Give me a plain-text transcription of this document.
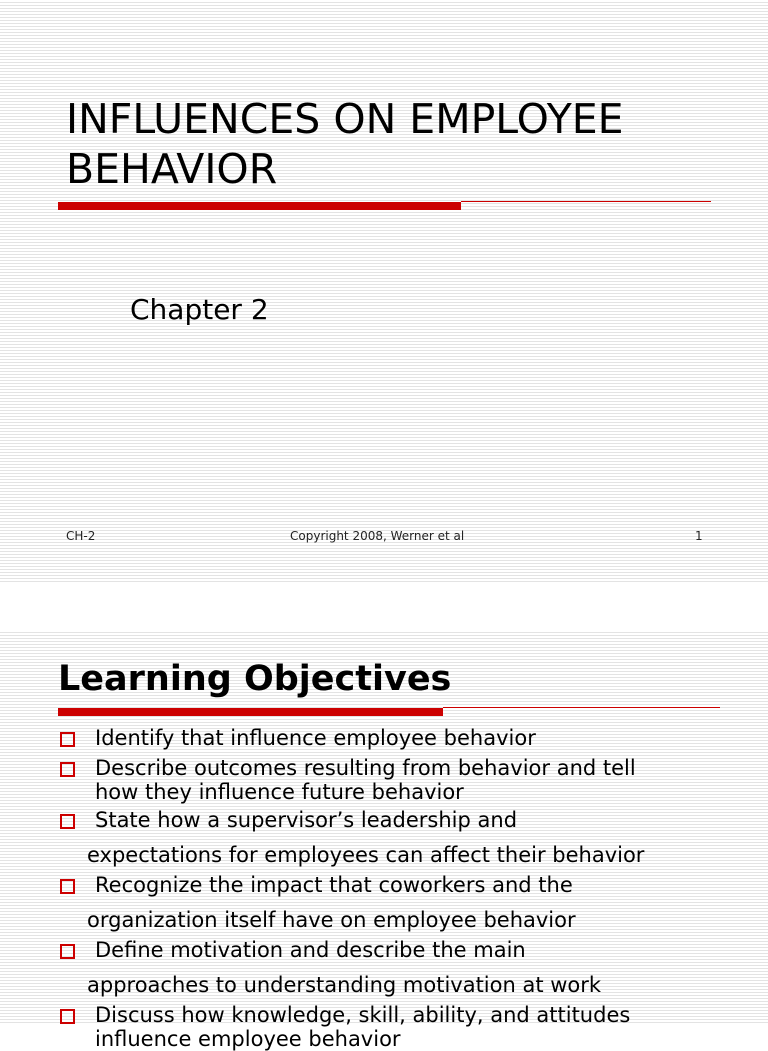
INFLUENCES ON EMPLOYEE
BEHAVIOR
Chapter 2
CH-2	Copyright 2008, Werner et al	1
Learning Objectives
Identify that influence employee behavior
Describe outcomes resulting from behavior and tell
how they influence future behavior
State how a supervisor’s leadership and
expectations for employees can affect their behavior
Recognize the impact that coworkers and the
organization itself have on employee behavior
Define motivation and describe the main
approaches to understanding motivation at work
Discuss how knowledge, skill, ability, and attitudes
influence employee behavior
